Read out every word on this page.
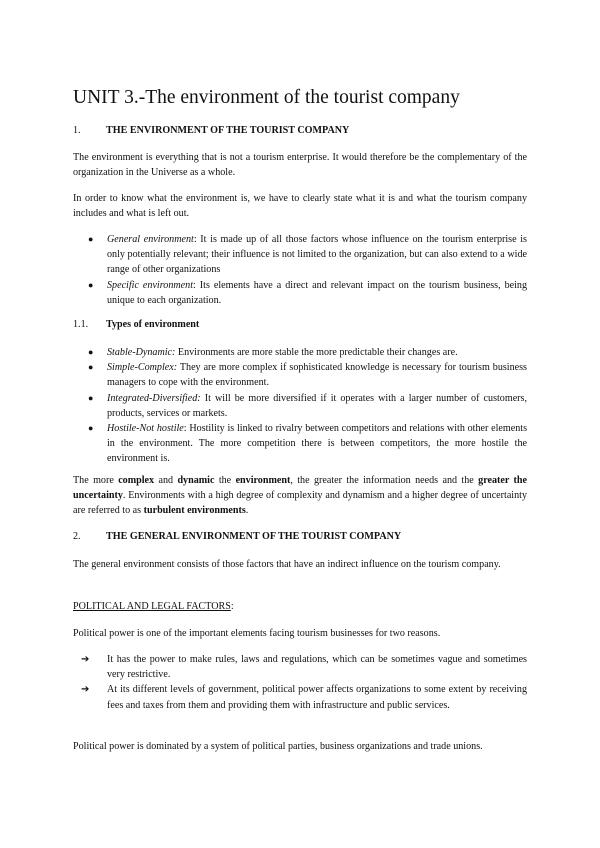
UNIT 3.-The environment of the tourist company
1.	THE ENVIRONMENT OF THE TOURIST COMPANY

The environment is everything that is not a tourism enterprise. It would therefore be the complementary of the organization in the Universe as a whole.

In order to know what the environment is, we have to clearly state what it is and what the tourism company includes and what is left out.

● General environment: It is made up of all those factors whose influence on the tourism enterprise is only potentially relevant; their influence is not limited to the organization, but can also extend to a wide range of other organizations
● Specific environment: Its elements have a direct and relevant impact on the tourism business, being unique to each organization.
1.1. Types of environment
● Stable-Dynamic: Environments are more stable the more predictable their changes are.
● Simple-Complex: They are more complex if sophisticated knowledge is necessary for tourism business managers to cope with the environment.
● Integrated-Diversified: It will be more diversified if it operates with a larger number of customers, products, services or markets.
● Hostile-Not hostile: Hostility is linked to rivalry between competitors and relations with other elements in the environment. The more competition there is between competitors, the more hostile the environment is.

The more complex and dynamic the environment, the greater the information needs and the greater the uncertainty. Environments with a high degree of complexity and dynamism and a higher degree of uncertainty are referred to as turbulent environments.

2.	THE GENERAL ENVIRONMENT OF THE TOURIST COMPANY

The general environment consists of those factors that have an indirect influence on the tourism company.

POLITICAL AND LEGAL FACTORS:

Political power is one of the important elements facing tourism businesses for two reasons.

➔ It has the power to make rules, laws and regulations, which can be sometimes vague and sometimes very restrictive.
➔ At its different levels of government, political power affects organizations to some extent by receiving fees and taxes from them and providing them with infrastructure and public services.

Political power is dominated by a system of political parties, business organizations and trade unions.
